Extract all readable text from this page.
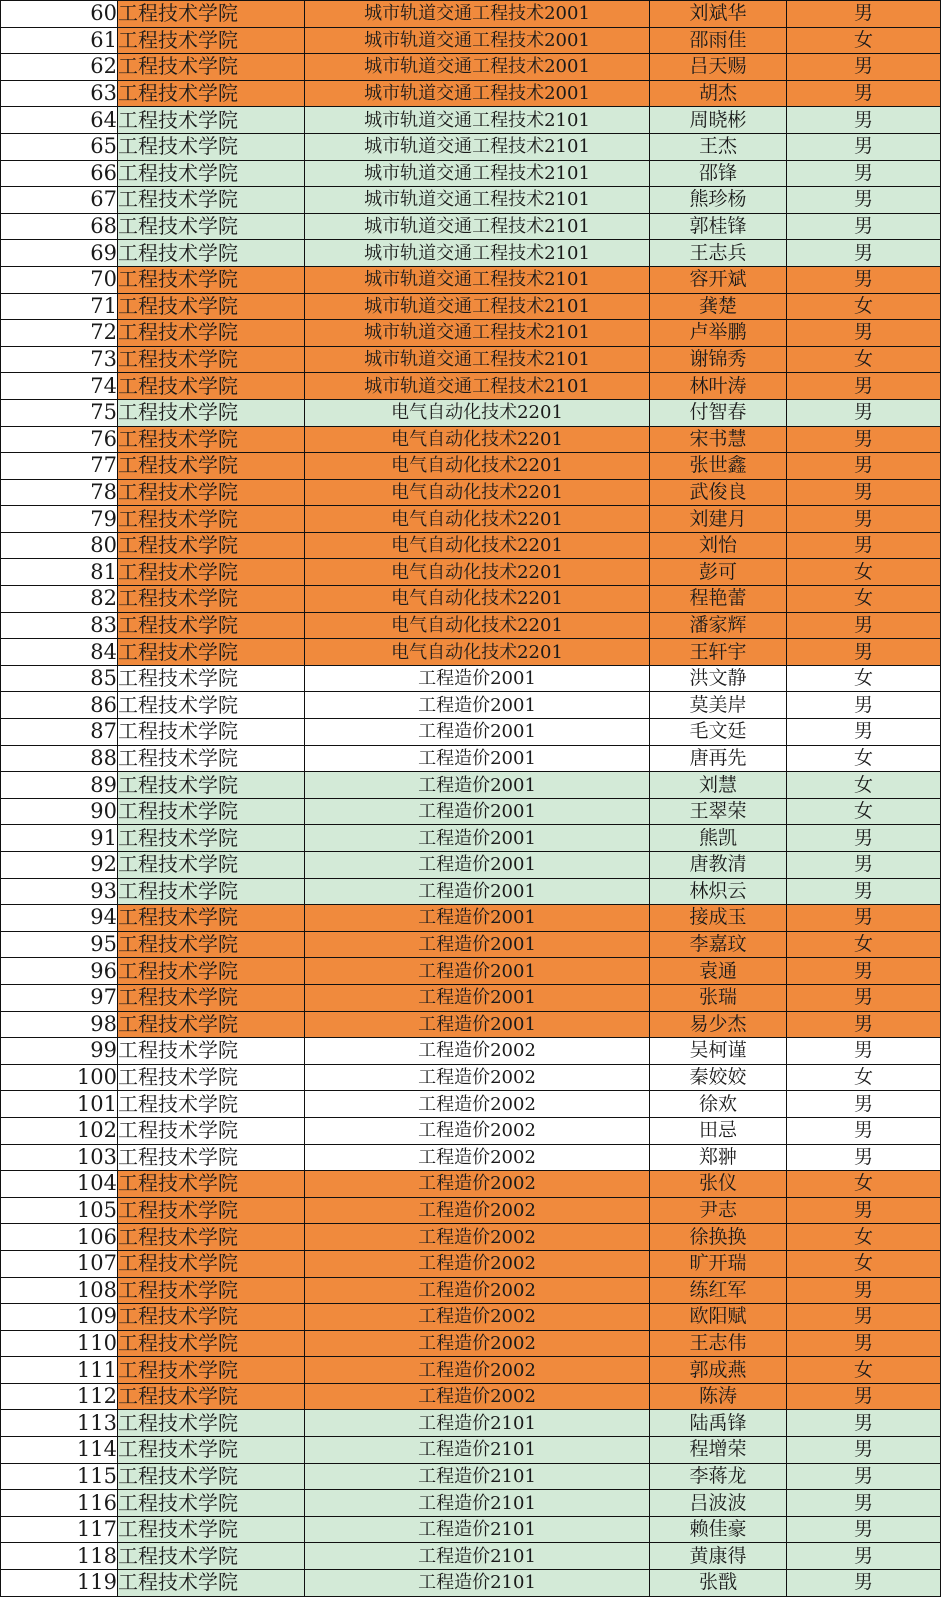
60	工程技术学院	城市轨道交通工程技术2001	刘斌华	男
61	工程技术学院	城市轨道交通工程技术2001	邵雨佳	女
62	工程技术学院	城市轨道交通工程技术2001	吕天赐	男
63	工程技术学院	城市轨道交通工程技术2001	胡杰	男
64	工程技术学院	城市轨道交通工程技术2101	周晓彬	男
65	工程技术学院	城市轨道交通工程技术2101	王杰	男
66	工程技术学院	城市轨道交通工程技术2101	邵锋	男
67	工程技术学院	城市轨道交通工程技术2101	熊珍杨	男
68	工程技术学院	城市轨道交通工程技术2101	郭桂锋	男
69	工程技术学院	城市轨道交通工程技术2101	王志兵	男
70	工程技术学院	城市轨道交通工程技术2101	容开斌	男
71	工程技术学院	城市轨道交通工程技术2101	龚楚	女
72	工程技术学院	城市轨道交通工程技术2101	卢举鹏	男
73	工程技术学院	城市轨道交通工程技术2101	谢锦秀	女
74	工程技术学院	城市轨道交通工程技术2101	林叶涛	男
75	工程技术学院	电气自动化技术2201	付智春	男
76	工程技术学院	电气自动化技术2201	宋书慧	男
77	工程技术学院	电气自动化技术2201	张世鑫	男
78	工程技术学院	电气自动化技术2201	武俊良	男
79	工程技术学院	电气自动化技术2201	刘建月	男
80	工程技术学院	电气自动化技术2201	刘怡	男
81	工程技术学院	电气自动化技术2201	彭可	女
82	工程技术学院	电气自动化技术2201	程艳蕾	女
83	工程技术学院	电气自动化技术2201	潘家辉	男
84	工程技术学院	电气自动化技术2201	王轩宇	男
85	工程技术学院	工程造价2001	洪文静	女
86	工程技术学院	工程造价2001	莫美岸	男
87	工程技术学院	工程造价2001	毛文廷	男
88	工程技术学院	工程造价2001	唐再先	女
89	工程技术学院	工程造价2001	刘慧	女
90	工程技术学院	工程造价2001	王翠荣	女
91	工程技术学院	工程造价2001	熊凯	男
92	工程技术学院	工程造价2001	唐教清	男
93	工程技术学院	工程造价2001	林炽云	男
94	工程技术学院	工程造价2001	接成玉	男
95	工程技术学院	工程造价2001	李嘉玟	女
96	工程技术学院	工程造价2001	袁通	男
97	工程技术学院	工程造价2001	张瑞	男
98	工程技术学院	工程造价2001	易少杰	男
99	工程技术学院	工程造价2002	吴柯谨	男
100	工程技术学院	工程造价2002	秦姣姣	女
101	工程技术学院	工程造价2002	徐欢	男
102	工程技术学院	工程造价2002	田忌	男
103	工程技术学院	工程造价2002	郑翀	男
104	工程技术学院	工程造价2002	张仪	女
105	工程技术学院	工程造价2002	尹志	男
106	工程技术学院	工程造价2002	徐换换	女
107	工程技术学院	工程造价2002	旷开瑞	女
108	工程技术学院	工程造价2002	练红军	男
109	工程技术学院	工程造价2002	欧阳赋	男
110	工程技术学院	工程造价2002	王志伟	男
111	工程技术学院	工程造价2002	郭成燕	女
112	工程技术学院	工程造价2002	陈涛	男
113	工程技术学院	工程造价2101	陆禹锋	男
114	工程技术学院	工程造价2101	程增荣	男
115	工程技术学院	工程造价2101	李蒋龙	男
116	工程技术学院	工程造价2101	吕波波	男
117	工程技术学院	工程造价2101	赖佳豪	男
118	工程技术学院	工程造价2101	黄康得	男
119	工程技术学院	工程造价2101	张戬	男
